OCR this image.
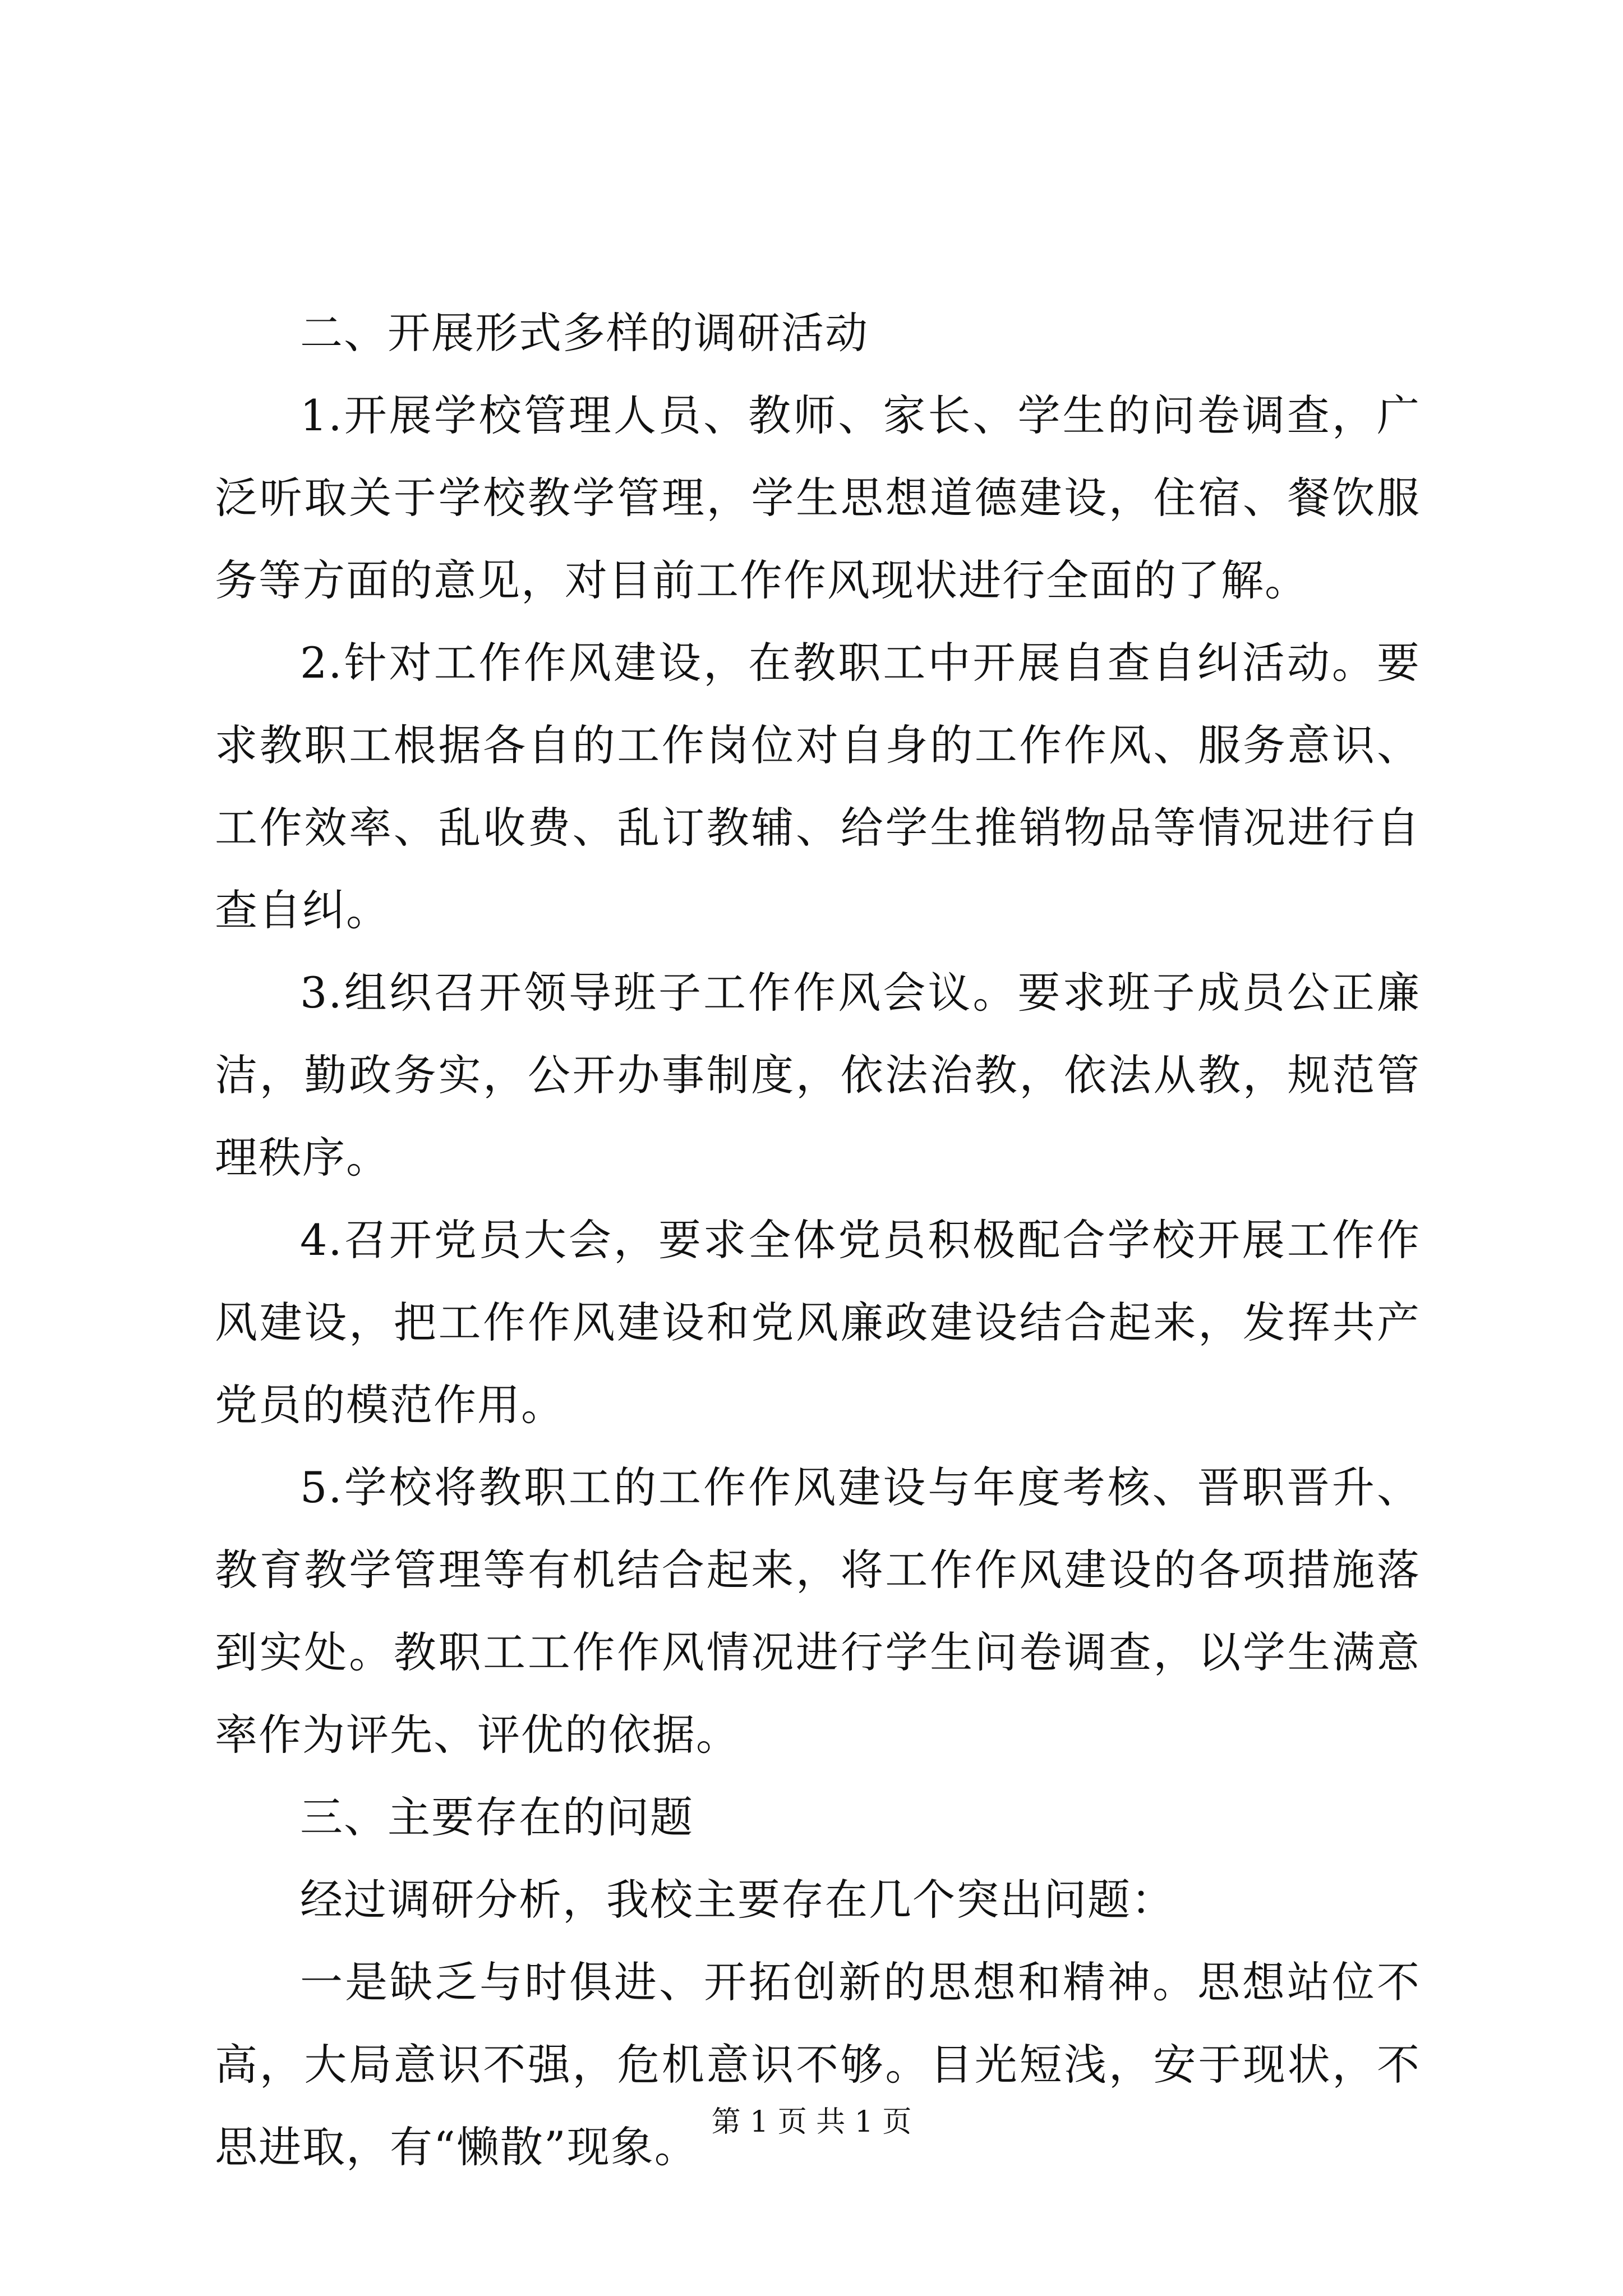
二、开展形式多样的调研活动

1.开展学校管理人员、教师、家长、学生的问卷调查，广泛听取关于学校教学管理，学生思想道德建设，住宿、餐饮服务等方面的意见，对目前工作作风现状进行全面的了解。

2.针对工作作风建设，在教职工中开展自查自纠活动。要求教职工根据各自的工作岗位对自身的工作作风、服务意识、工作效率、乱收费、乱订教辅、给学生推销物品等情况进行自查自纠。

3.组织召开领导班子工作作风会议。要求班子成员公正廉洁，勤政务实，公开办事制度，依法治教，依法从教，规范管理秩序。

4.召开党员大会，要求全体党员积极配合学校开展工作作风建设，把工作作风建设和党风廉政建设结合起来，发挥共产党员的模范作用。

5.学校将教职工的工作作风建设与年度考核、晋职晋升、教育教学管理等有机结合起来，将工作作风建设的各项措施落到实处。教职工工作作风情况进行学生问卷调查，以学生满意率作为评先、评优的依据。

三、主要存在的问题

经过调研分析，我校主要存在几个突出问题：

一是缺乏与时俱进、开拓创新的思想和精神。思想站位不高，大局意识不强，危机意识不够。目光短浅，安于现状，不思进取，有“懒散”现象。 第 1 页 共 1 页
